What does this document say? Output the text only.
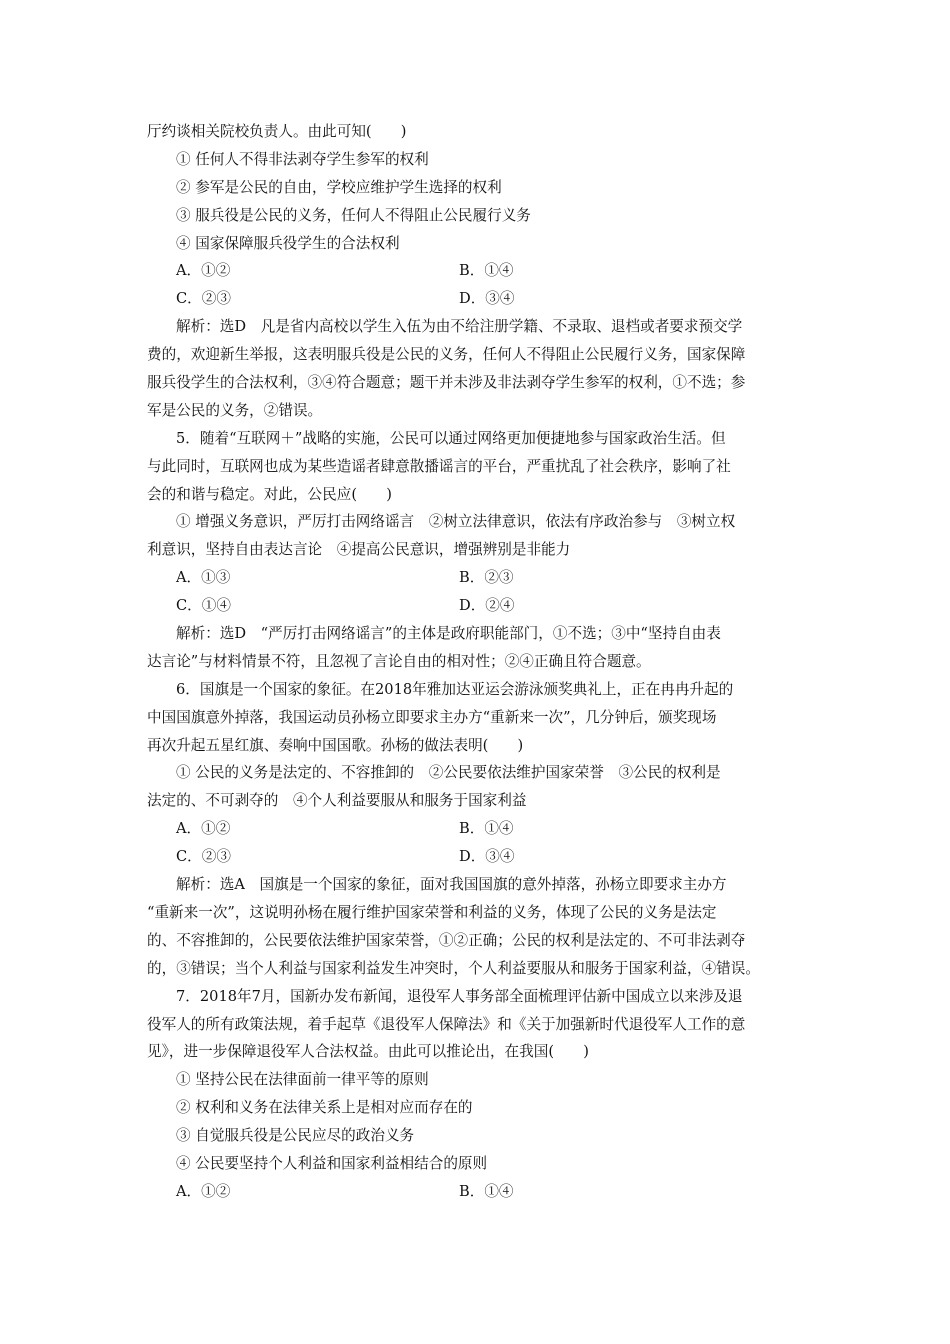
厅约谈相关院校负责人。由此可知(　　)
① 任何人不得非法剥夺学生参军的权利
② 参军是公民的自由，学校应维护学生选择的权利
③ 服兵役是公民的义务，任何人不得阻止公民履行义务
④ 国家保障服兵役学生的合法权利
A．①②	B．①④
C．②③	D．③④
解析：选D　凡是省内高校以学生入伍为由不给注册学籍、不录取、退档或者要求预交学
费的，欢迎新生举报，这表明服兵役是公民的义务，任何人不得阻止公民履行义务，国家保障
服兵役学生的合法权利，③④符合题意；题干并未涉及非法剥夺学生参军的权利，①不选；参
军是公民的义务，②错误。
5．随着“互联网＋”战略的实施，公民可以通过网络更加便捷地参与国家政治生活。但
与此同时，互联网也成为某些造谣者肆意散播谣言的平台，严重扰乱了社会秩序，影响了社
会的和谐与稳定。对此，公民应(　　)
① 增强义务意识，严厉打击网络谣言　②树立法律意识，依法有序政治参与　③树立权
利意识，坚持自由表达言论　④提高公民意识，增强辨别是非能力
A．①③	B．②③
C．①④	D．②④
解析：选D　“严厉打击网络谣言”的主体是政府职能部门，①不选；③中“坚持自由表
达言论”与材料情景不符，且忽视了言论自由的相对性；②④正确且符合题意。
6．国旗是一个国家的象征。在2018年雅加达亚运会游泳颁奖典礼上，正在冉冉升起的
中国国旗意外掉落，我国运动员孙杨立即要求主办方“重新来一次”，几分钟后，颁奖现场
再次升起五星红旗、奏响中国国歌。孙杨的做法表明(　　)
① 公民的义务是法定的、不容推卸的　②公民要依法维护国家荣誉　③公民的权利是
法定的、不可剥夺的　④个人利益要服从和服务于国家利益
A．①②	B．①④
C．②③	D．③④
解析：选A　国旗是一个国家的象征，面对我国国旗的意外掉落，孙杨立即要求主办方
“重新来一次”，这说明孙杨在履行维护国家荣誉和利益的义务，体现了公民的义务是法定
的、不容推卸的，公民要依法维护国家荣誉，①②正确；公民的权利是法定的、不可非法剥夺
的，③错误；当个人利益与国家利益发生冲突时，个人利益要服从和服务于国家利益，④错误。
7．2018年7月，国新办发布新闻，退役军人事务部全面梳理评估新中国成立以来涉及退
役军人的所有政策法规，着手起草《退役军人保障法》和《关于加强新时代退役军人工作的意
见》，进一步保障退役军人合法权益。由此可以推论出，在我国(　　)
① 坚持公民在法律面前一律平等的原则
② 权利和义务在法律关系上是相对应而存在的
③ 自觉服兵役是公民应尽的政治义务
④ 公民要坚持个人利益和国家利益相结合的原则
A．①②	B．①④
